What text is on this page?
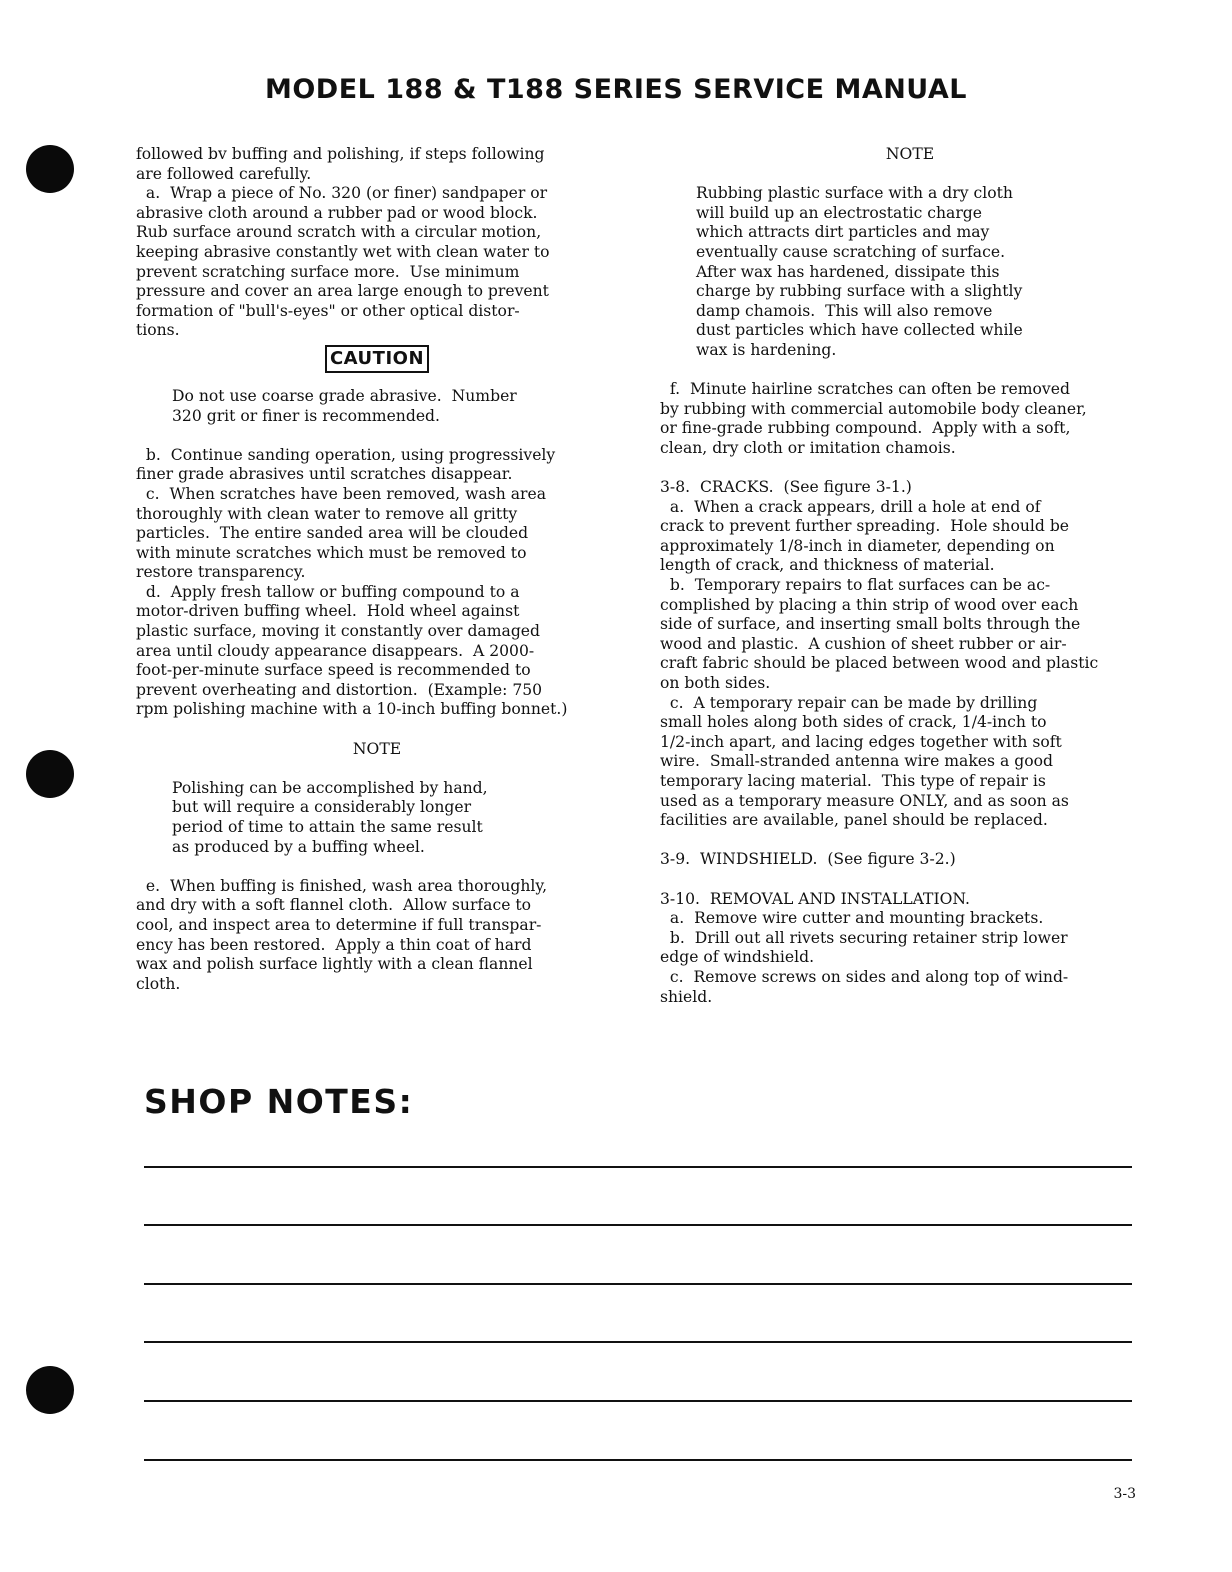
MODEL 188 & T188 SERIES SERVICE MANUAL

followed bv buffing and polishing, if steps following

are followed carefully.

a.  Wrap a piece of No. 320 (or finer) sandpaper or

abrasive cloth around a rubber pad or wood block.

Rub surface around scratch with a circular motion,

keeping abrasive constantly wet with clean water to

prevent scratching surface more.  Use minimum

pressure and cover an area large enough to prevent

formation of "bull's-eyes" or other optical distor-

tions.

CAUTION

Do not use coarse grade abrasive.  Number

320 grit or finer is recommended.

b.  Continue sanding operation, using progressively

finer grade abrasives until scratches disappear.

c.  When scratches have been removed, wash area

thoroughly with clean water to remove all gritty

particles.  The entire sanded area will be clouded

with minute scratches which must be removed to

restore transparency.

d.  Apply fresh tallow or buffing compound to a

motor-driven buffing wheel.  Hold wheel against

plastic surface, moving it constantly over damaged

area until cloudy appearance disappears.  A 2000-

foot-per-minute surface speed is recommended to

prevent overheating and distortion.  (Example: 750

rpm polishing machine with a 10-inch buffing bonnet.)

NOTE

Polishing can be accomplished by hand,

but will require a considerably longer

period of time to attain the same result

as produced by a buffing wheel.

e.  When buffing is finished, wash area thoroughly,

and dry with a soft flannel cloth.  Allow surface to

cool, and inspect area to determine if full transpar-

ency has been restored.  Apply a thin coat of hard

wax and polish surface lightly with a clean flannel

cloth.

NOTE

Rubbing plastic surface with a dry cloth

will build up an electrostatic charge

which attracts dirt particles and may

eventually cause scratching of surface.

After wax has hardened, dissipate this

charge by rubbing surface with a slightly

damp chamois.  This will also remove

dust particles which have collected while

wax is hardening.

f.  Minute hairline scratches can often be removed

by rubbing with commercial automobile body cleaner,

or fine-grade rubbing compound.  Apply with a soft,

clean, dry cloth or imitation chamois.

3-8.  CRACKS.  (See figure 3-1.)

a.  When a crack appears, drill a hole at end of

crack to prevent further spreading.  Hole should be

approximately 1/8-inch in diameter, depending on

length of crack, and thickness of material.

b.  Temporary repairs to flat surfaces can be ac-

complished by placing a thin strip of wood over each

side of surface, and inserting small bolts through the

wood and plastic.  A cushion of sheet rubber or air-

craft fabric should be placed between wood and plastic

on both sides.

c.  A temporary repair can be made by drilling

small holes along both sides of crack, 1/4-inch to

1/2-inch apart, and lacing edges together with soft

wire.  Small-stranded antenna wire makes a good

temporary lacing material.  This type of repair is

used as a temporary measure ONLY, and as soon as

facilities are available, panel should be replaced.

3-9.  WINDSHIELD.  (See figure 3-2.)

3-10.  REMOVAL AND INSTALLATION.

a.  Remove wire cutter and mounting brackets.

b.  Drill out all rivets securing retainer strip lower

edge of windshield.

c.  Remove screws on sides and along top of wind-

shield.

SHOP NOTES:
3-3
